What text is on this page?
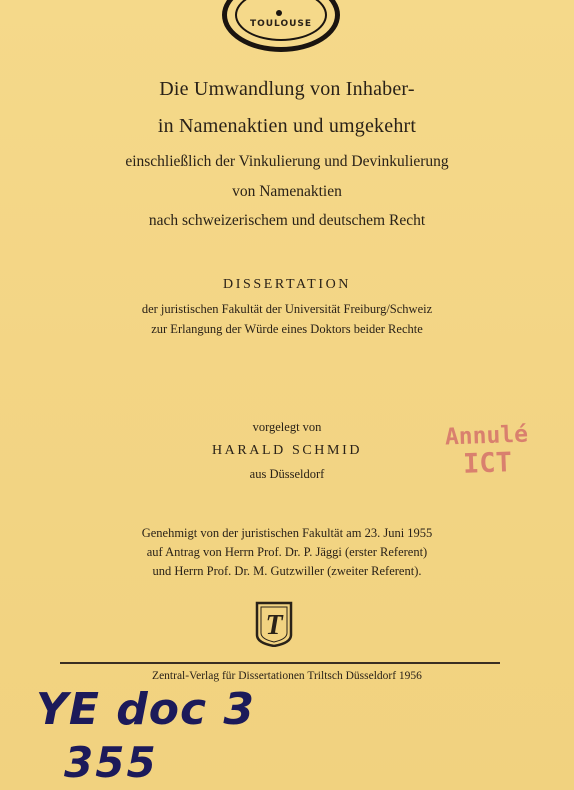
TOULOUSE
Die Umwandlung von Inhaber-
in Namenaktien und umgekehrt
einschließlich der Vinkulierung und Devinkulierung
von Namenaktien
nach schweizerischem und deutschem Recht
DISSERTATION
der juristischen Fakultät der Universität Freiburg/Schweiz
zur Erlangung der Würde eines Doktors beider Rechte
vorgelegt von
HARALD SCHMID
aus Düsseldorf
Annulé
ICT
Genehmigt von der juristischen Fakultät am 23. Juni 1955
auf Antrag von Herrn Prof. Dr. P. Jäggi (erster Referent)
und Herrn Prof. Dr. M. Gutzwiller (zweiter Referent).
T
Zentral-Verlag für Dissertationen Triltsch Düsseldorf 1956
YE doc 3
355
